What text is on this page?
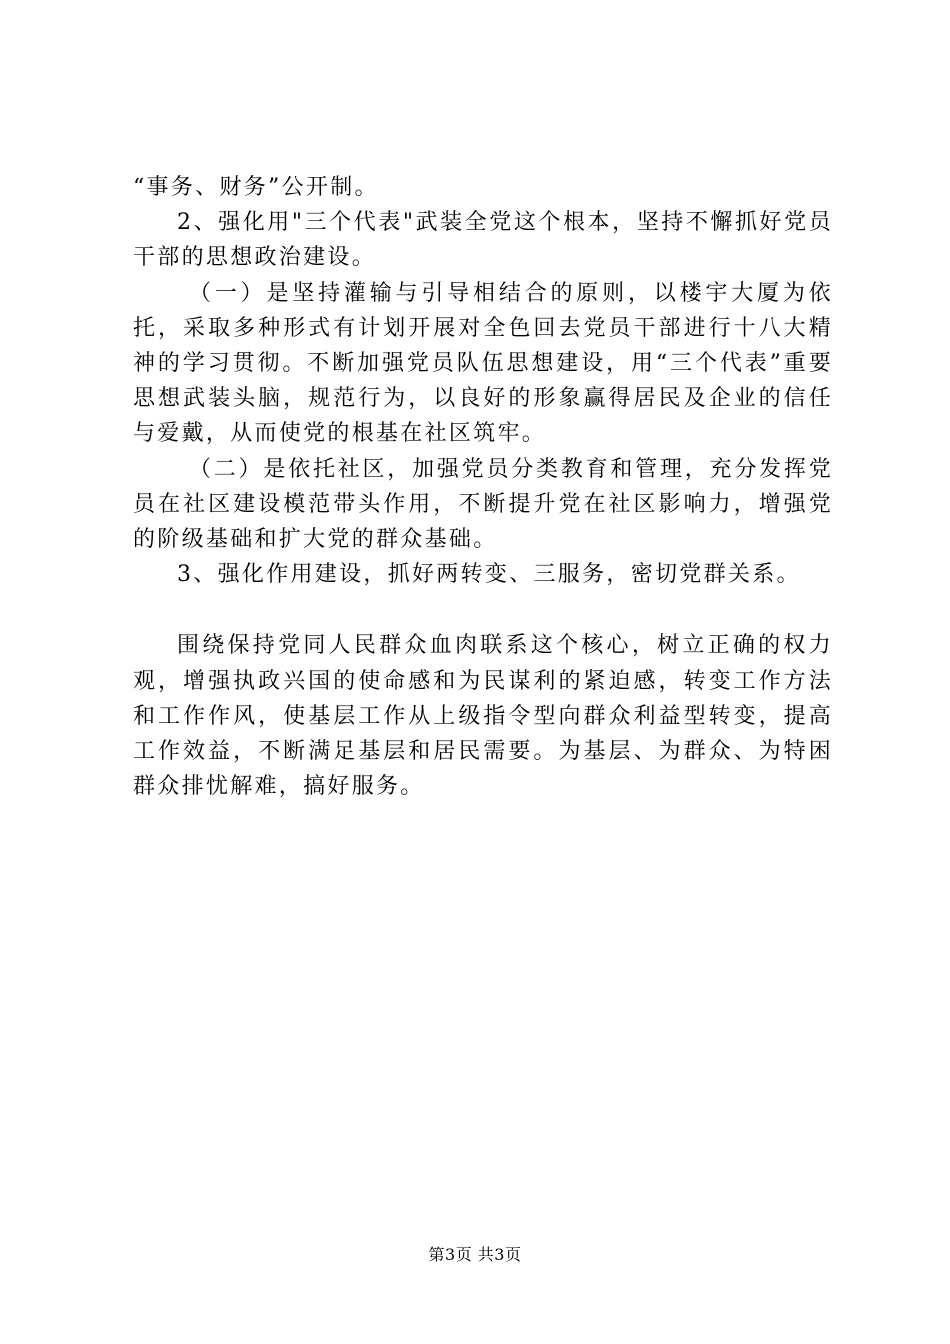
“事务、财务”公开制。

2、强化用"三个代表"武装全党这个根本，坚持不懈抓好党员干部的思想政治建设。

（一）是坚持灌输与引导相结合的原则，以楼宇大厦为依托，采取多种形式有计划开展对全色回去党员干部进行十八大精神的学习贯彻。不断加强党员队伍思想建设，用“三个代表”重要思想武装头脑，规范行为，以良好的形象赢得居民及企业的信任与爱戴，从而使党的根基在社区筑牢。

（二）是依托社区，加强党员分类教育和管理，充分发挥党员在社区建设模范带头作用，不断提升党在社区影响力，增强党的阶级基础和扩大党的群众基础。

3、强化作用建设，抓好两转变、三服务，密切党群关系。

围绕保持党同人民群众血肉联系这个核心，树立正确的权力观，增强执政兴国的使命感和为民谋利的紧迫感，转变工作方法和工作作风，使基层工作从上级指令型向群众利益型转变，提高工作效益，不断满足基层和居民需要。为基层、为群众、为特困群众排忧解难，搞好服务。

第3页 共3页
